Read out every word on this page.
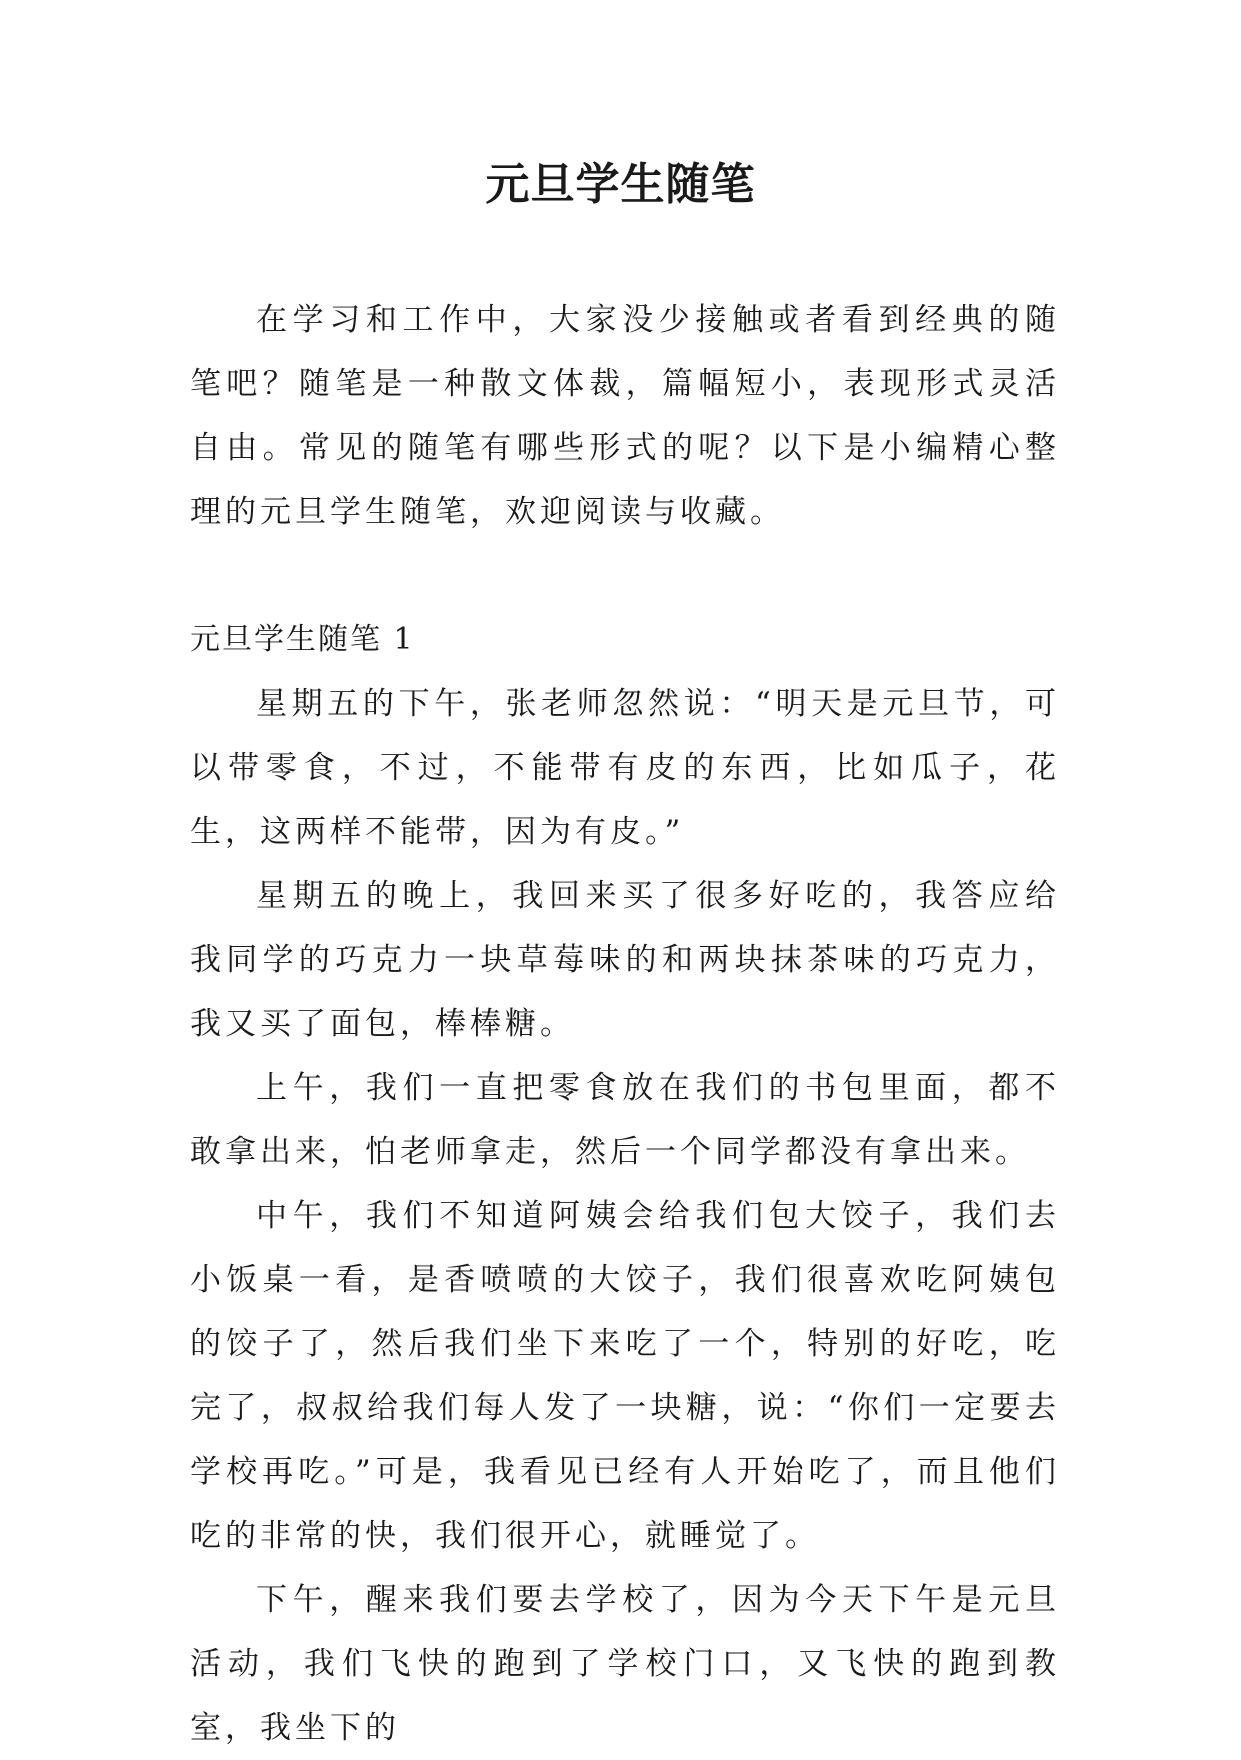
元旦学生随笔

在学习和工作中，大家没少接触或者看到经典的随笔吧？随笔是一种散文体裁，篇幅短小，表现形式灵活自由。常见的随笔有哪些形式的呢？以下是小编精心整理的元旦学生随笔，欢迎阅读与收藏。

元旦学生随笔 1

星期五的下午，张老师忽然说：“明天是元旦节，可以带零食，不过，不能带有皮的东西，比如瓜子，花生，这两样不能带，因为有皮。”

星期五的晚上，我回来买了很多好吃的，我答应给我同学的巧克力一块草莓味的和两块抹茶味的巧克力，我又买了面包，棒棒糖。

上午，我们一直把零食放在我们的书包里面，都不敢拿出来，怕老师拿走，然后一个同学都没有拿出来。

中午，我们不知道阿姨会给我们包大饺子，我们去小饭桌一看，是香喷喷的大饺子，我们很喜欢吃阿姨包的饺子了，然后我们坐下来吃了一个，特别的好吃，吃完了，叔叔给我们每人发了一块糖，说：“你们一定要去学校再吃。”可是，我看见已经有人开始吃了，而且他们吃的非常的快，我们很开心，就睡觉了。

下午，醒来我们要去学校了，因为今天下午是元旦活动，我们飞快的跑到了学校门口，又飞快的跑到教室，我坐下的
